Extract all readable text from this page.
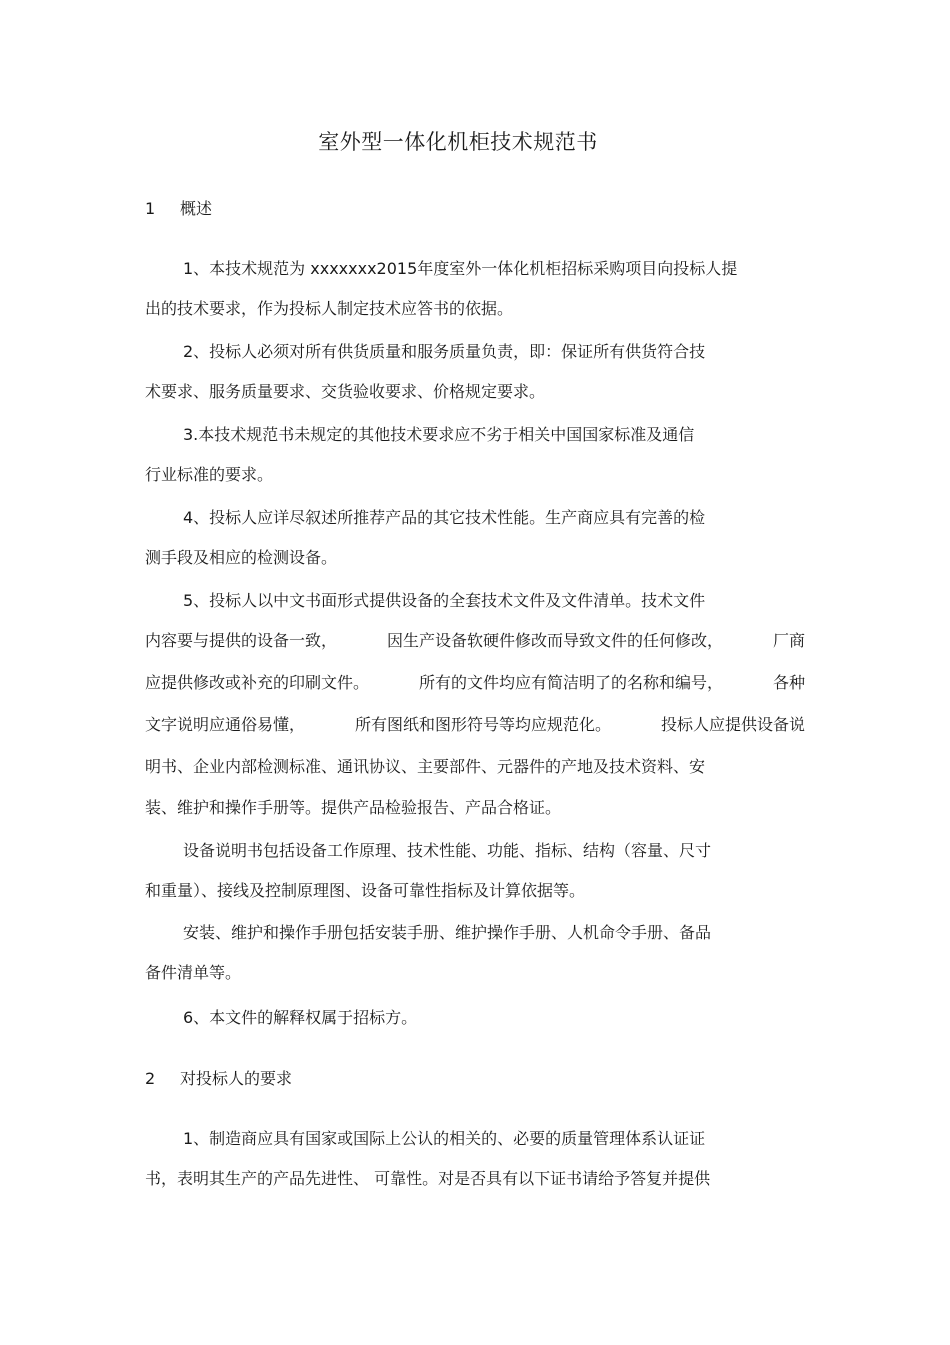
室外型一体化机柜技术规范书
1 概述
1、本技术规范为 xxxxxxx2015年度室外一体化机柜招标采购项目向投标人提
出的技术要求，作为投标人制定技术应答书的依据。
2、投标人必须对所有供货质量和服务质量负责，即：保证所有供货符合技
术要求、服务质量要求、交货验收要求、价格规定要求。
3.本技术规范书未规定的其他技术要求应不劣于相关中国国家标准及通信
行业标准的要求。
4、投标人应详尽叙述所推荐产品的其它技术性能。生产商应具有完善的检
测手段及相应的检测设备。
5、投标人以中文书面形式提供设备的全套技术文件及文件清单。技术文件
内容要与提供的设备一致，	因生产设备软硬件修改而导致文件的任何修改，	厂商
应提供修改或补充的印刷文件。	所有的文件均应有简洁明了的名称和编号，	各种
文字说明应通俗易懂，	所有图纸和图形符号等均应规范化。	投标人应提供设备说
明书、企业内部检测标准、通讯协议、主要部件、元器件的产地及技术资料、安
装、维护和操作手册等。提供产品检验报告、产品合格证。
设备说明书包括设备工作原理、技术性能、功能、指标、结构（容量、尺寸
和重量）、接线及控制原理图、设备可靠性指标及计算依据等。
安装、维护和操作手册包括安装手册、维护操作手册、人机命令手册、备品
备件清单等。
6、本文件的解释权属于招标方。
2 对投标人的要求
1、制造商应具有国家或国际上公认的相关的、必要的质量管理体系认证证
书，表明其生产的产品先进性、 可靠性。对是否具有以下证书请给予答复并提供
